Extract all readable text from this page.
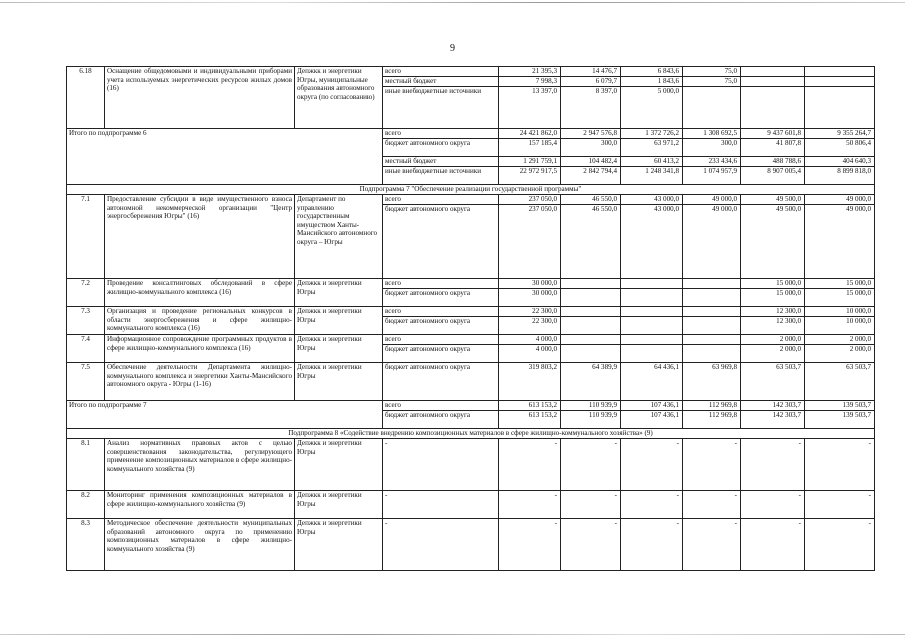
9
6.18	Оснащение общедомовыми и индивидуальными приборами учета используемых энергетических ресурсов жилых домов (16)	Депжкк и энергетики Югры, муниципальные образования автономного округа (по согласованию)	всего	21 395,3	14 476,7	6 843,6	75,0		
			местный бюджет	7 998,3	6 079,7	1 843,6	75,0		
			иные внебюджетные источники	13 397,0	8 397,0	5 000,0			
Итого по подпрограмме 6			всего	24 421 862,0	2 947 576,8	1 372 726,2	1 308 692,5	9 437 601,8	9 355 264,7
			бюджет автономного округа	157 185,4	300,0	63 971,2	300,0	41 807,8	50 806,4
			местный бюджет	1 291 759,1	104 482,4	60 413,2	233 434,6	488 788,6	404 640,3
			иные внебюджетные источники	22 972 917,5	2 842 794,4	1 248 341,8	1 074 957,9	8 907 005,4	8 899 818,0
Подпрограмма 7 "Обеспечение реализации государственной программы"									
7.1	Предоставление субсидии в виде имущественного взноса автономной некоммерческой организации "Центр энергосбережения Югры" (16)	Департамент по управлению государственным имуществом Ханты-Мансийского автономного округа – Югры	всего	237 050,0	46 550,0	43 000,0	49 000,0	49 500,0	49 000,0
			бюджет автономного округа	237 050,0	46 550,0	43 000,0	49 000,0	49 500,0	49 000,0
7.2	Проведение консалтинговых обследований в сфере жилищно-коммунального комплекса (16)	Депжкк и энергетики Югры	всего	30 000,0				15 000,0	15 000,0
			бюджет автономного округа	30 000,0				15 000,0	15 000,0
7.3	Организация и проведение региональных конкурсов в области энергосбережения и сфере жилищно-коммунального комплекса (16)	Депжкк и энергетики Югры	всего	22 300,0				12 300,0	10 000,0
			бюджет автономного округа	22 300,0				12 300,0	10 000,0
7.4	Информационное сопровождение программных продуктов в сфере жилищно-коммунального комплекса (16)	Депжкк и энергетики Югры	всего	4 000,0				2 000,0	2 000,0
			бюджет автономного округа	4 000,0				2 000,0	2 000,0
7.5	Обеспечение деятельности Департамента жилищно-коммунального комплекса и энергетики Ханты-Мансийского автономного округа - Югры (1-16)	Депжкк и энергетики Югры	бюджет автономного округа	319 803,2	64 389,9	64 436,1	63 969,8	63 503,7	63 503,7
Итого по подпрограмме 7			всего	613 153,2	110 939,9	107 436,1	112 969,8	142 303,7	139 503,7
			бюджет автономного округа	613 153,2	110 939,9	107 436,1	112 969,8	142 303,7	139 503,7
Подпрограмма 8 «Содействие внедрению композиционных материалов в сфере жилищно-коммунального хозяйства» (9)									
8.1	Анализ нормативных правовых актов с целью совершенствования законодательства, регулирующего применение композиционных материалов в сфере жилищно-коммунального хозяйства (9)	Депжкк и энергетики Югры	-	-	-	-	-	-	-
8.2	Мониторинг применения композиционных материалов в сфере жилищно-коммунального хозяйства (9)	Депжкк и энергетики Югры	-	-	-	-	-	-	-
8.3	Методическое обеспечение деятельности муниципальных образований автономного округа по применению композиционных материалов в сфере жилищно-коммунального хозяйства (9)	Депжкк и энергетики Югры	-	-	-	-	-	-	-
